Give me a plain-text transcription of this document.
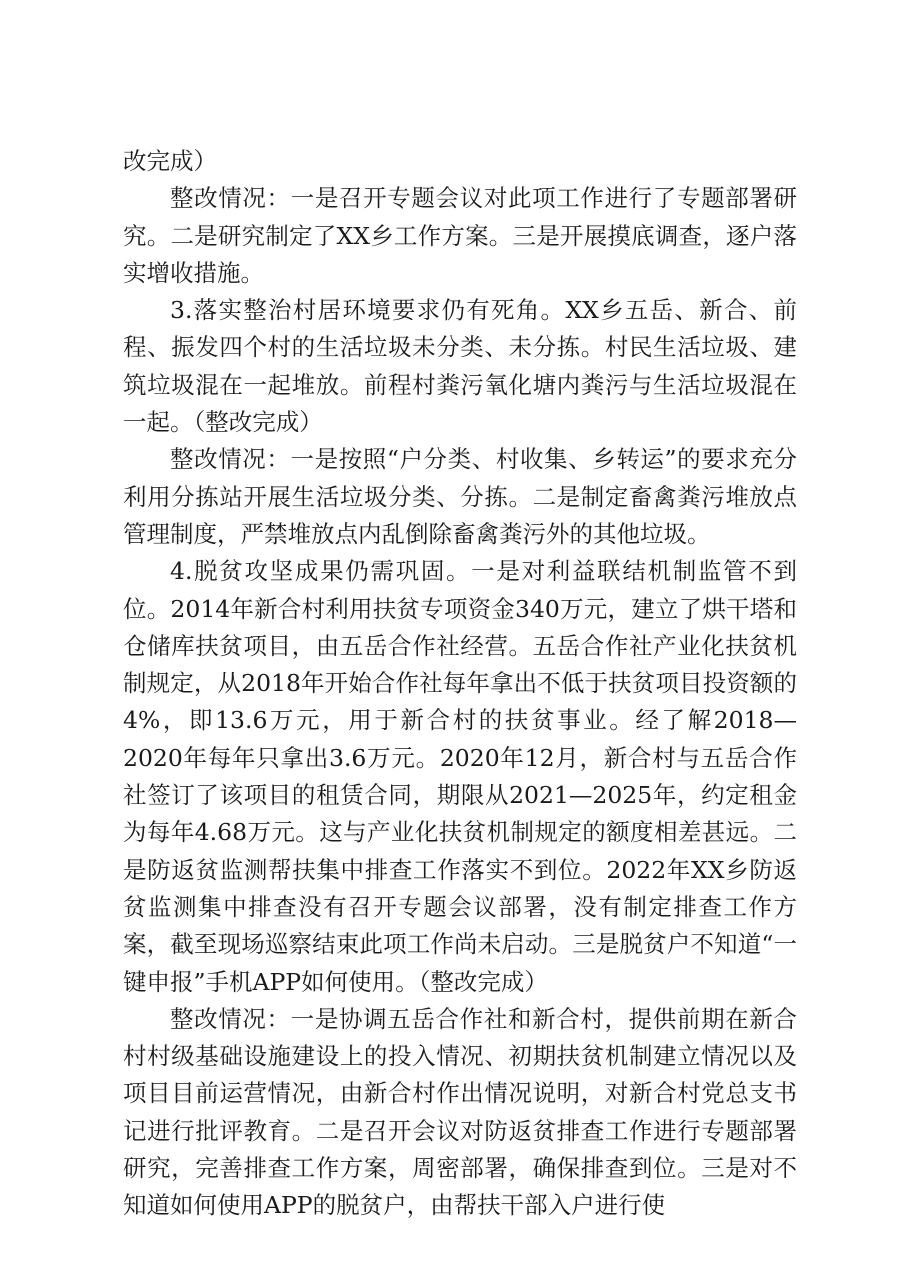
改完成）

整改情况：一是召开专题会议对此项工作进行了专题部署研究。二是研究制定了XX乡工作方案。三是开展摸底调查，逐户落实增收措施。

3.落实整治村居环境要求仍有死角。XX乡五岳、新合、前程、振发四个村的生活垃圾未分类、未分拣。村民生活垃圾、建筑垃圾混在一起堆放。前程村粪污氧化塘内粪污与生活垃圾混在一起。（整改完成）

整改情况：一是按照“户分类、村收集、乡转运”的要求充分利用分拣站开展生活垃圾分类、分拣。二是制定畜禽粪污堆放点管理制度，严禁堆放点内乱倒除畜禽粪污外的其他垃圾。

4.脱贫攻坚成果仍需巩固。一是对利益联结机制监管不到位。2014年新合村利用扶贫专项资金340万元，建立了烘干塔和仓储库扶贫项目，由五岳合作社经营。五岳合作社产业化扶贫机制规定，从2018年开始合作社每年拿出不低于扶贫项目投资额的4%，即13.6万元，用于新合村的扶贫事业。经了解2018—2020年每年只拿出3.6万元。2020年12月，新合村与五岳合作社签订了该项目的租赁合同，期限从2021—2025年，约定租金为每年4.68万元。这与产业化扶贫机制规定的额度相差甚远。二是防返贫监测帮扶集中排查工作落实不到位。2022年XX乡防返贫监测集中排查没有召开专题会议部署，没有制定排查工作方案，截至现场巡察结束此项工作尚未启动。三是脱贫户不知道“一键申报”手机APP如何使用。（整改完成）

整改情况：一是协调五岳合作社和新合村，提供前期在新合村村级基础设施建设上的投入情况、初期扶贫机制建立情况以及项目目前运营情况，由新合村作出情况说明，对新合村党总支书记进行批评教育。二是召开会议对防返贫排查工作进行专题部署研究，完善排查工作方案，周密部署，确保排查到位。三是对不知道如何使用APP的脱贫户，由帮扶干部入户进行使
